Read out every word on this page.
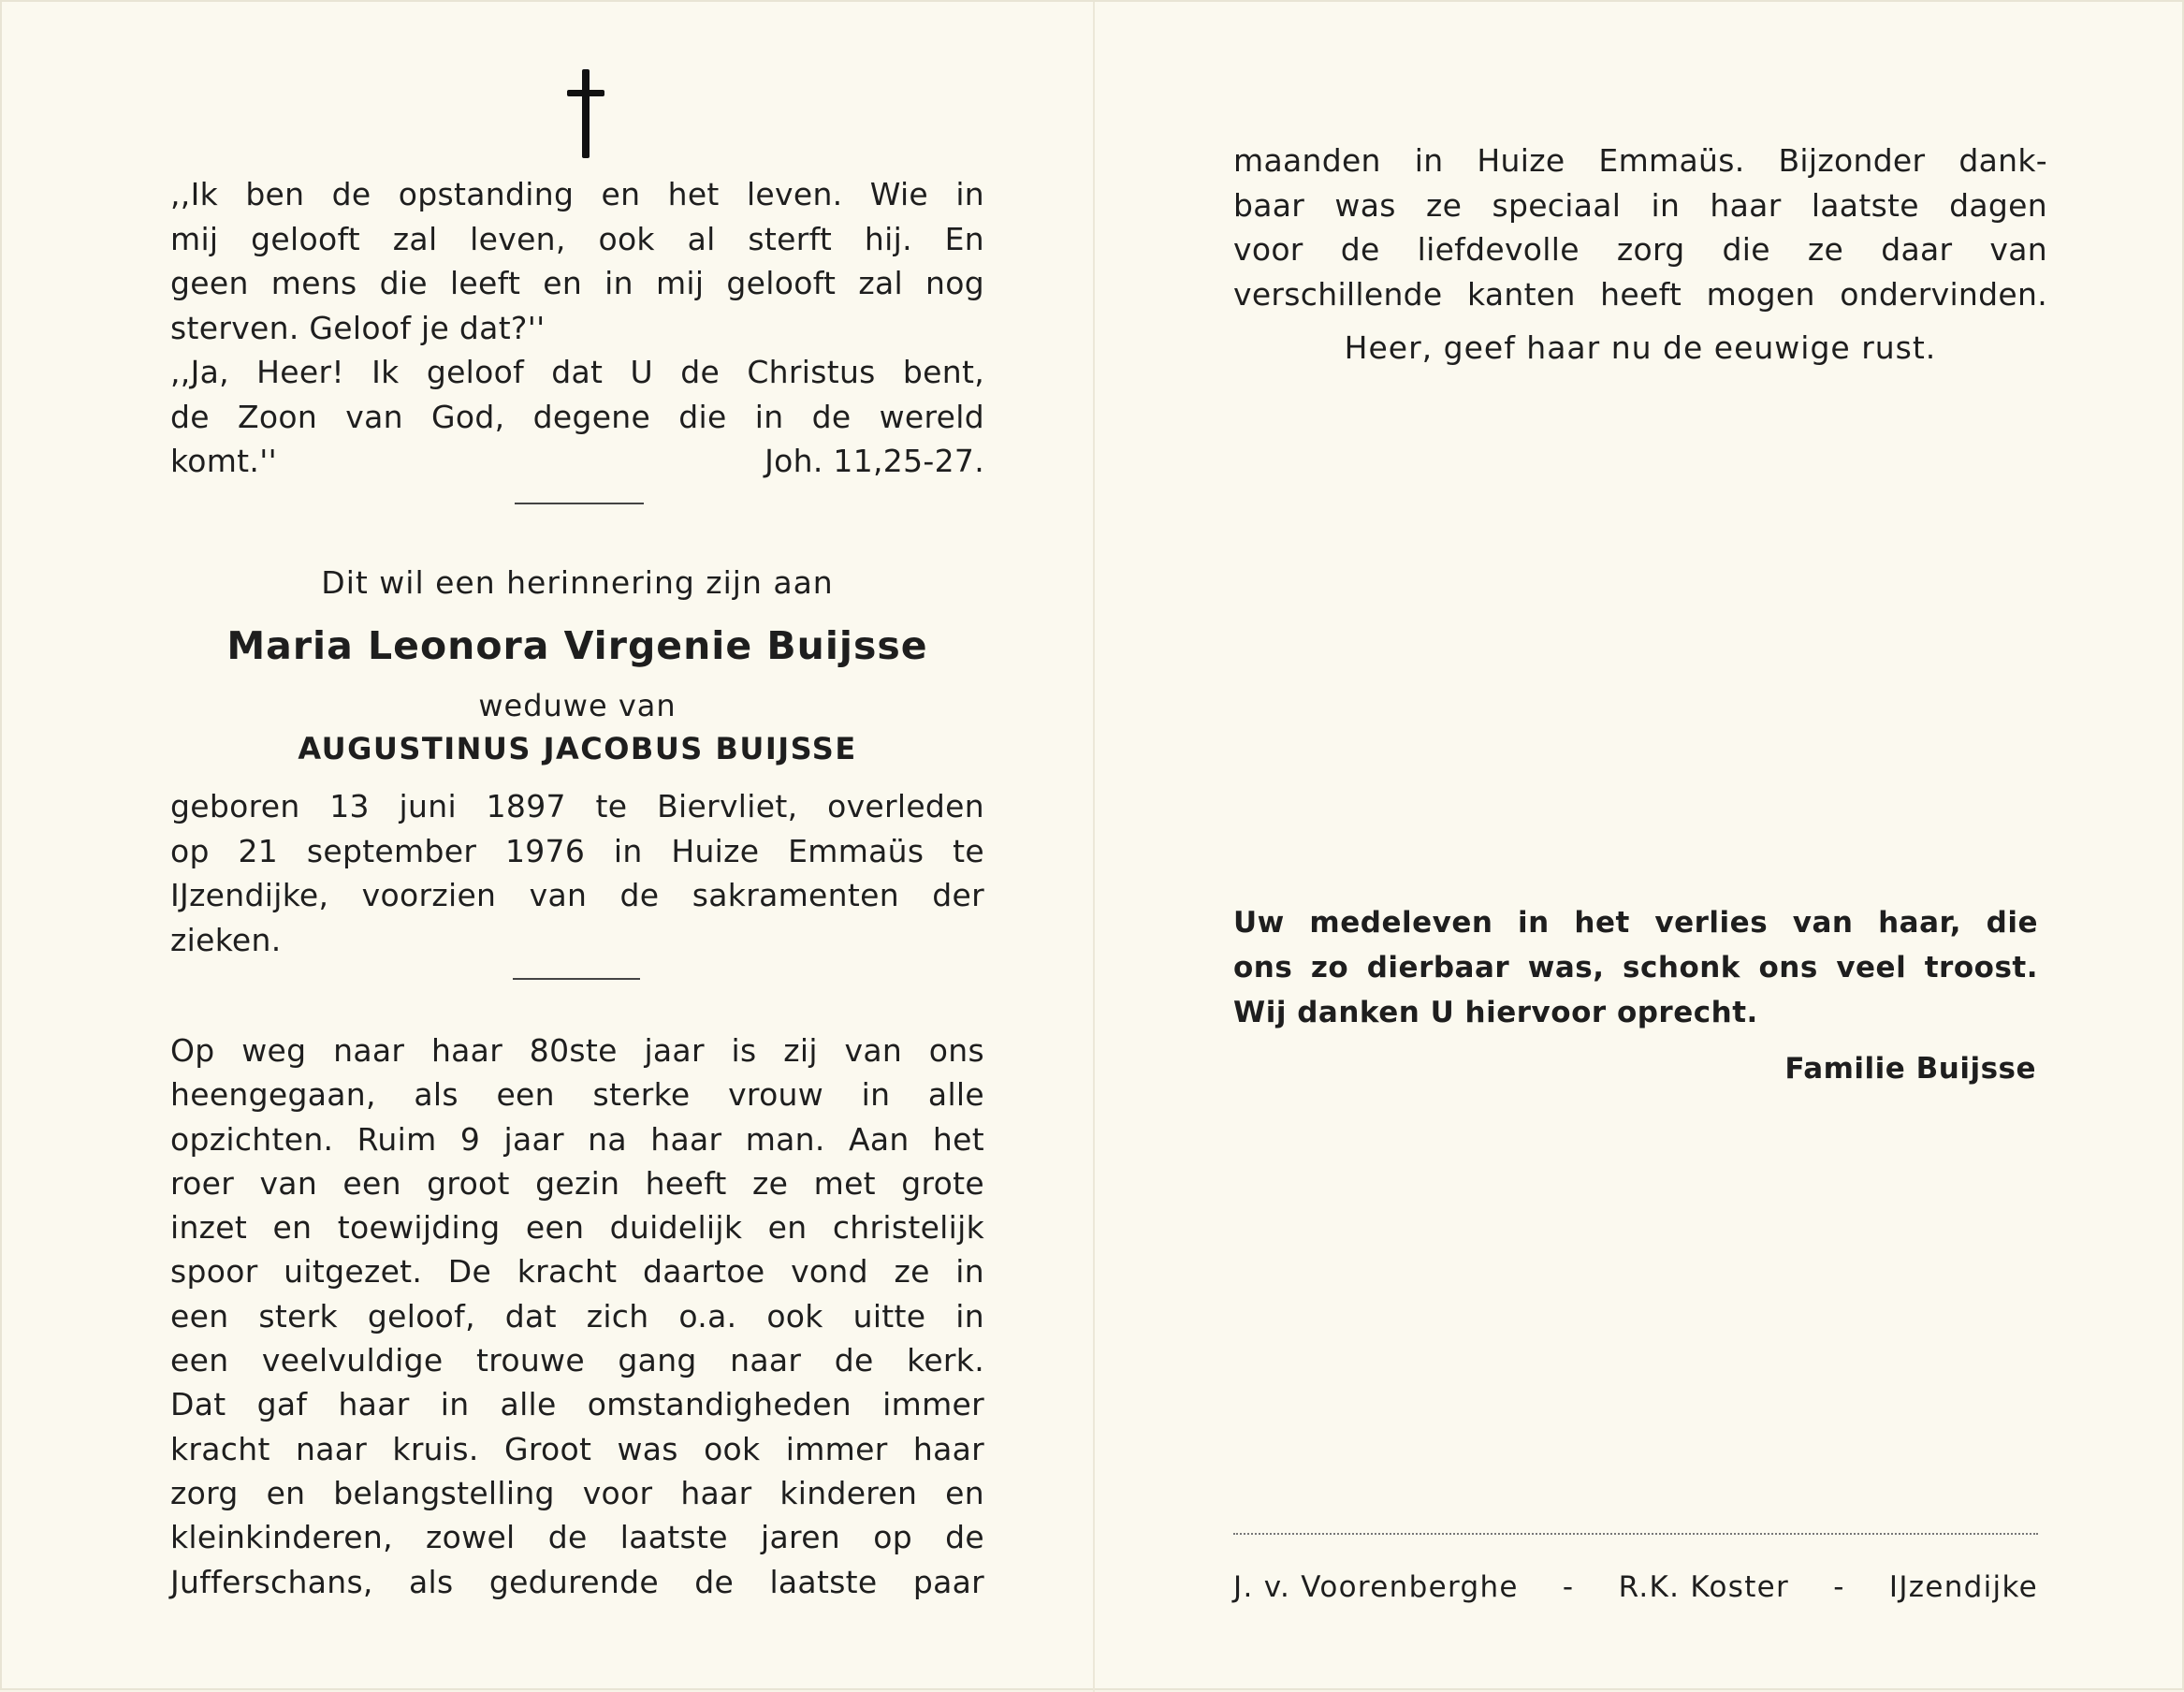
,,Ik ben de opstanding en het leven. Wie in
mij gelooft zal leven, ook al sterft hij. En
geen mens die leeft en in mij gelooft zal nog
sterven. Geloof je dat?''
,,Ja, Heer! Ik geloof dat U de Christus bent,
de Zoon van God, degene die in de wereld
komt.''	Joh. 11,25-27.
Dit wil een herinnering zijn aan
Maria Leonora Virgenie Buijsse
weduwe van
AUGUSTINUS JACOBUS BUIJSSE
geboren 13 juni 1897 te Biervliet, overleden
op 21 september 1976 in Huize Emmaüs te
IJzendijke, voorzien van de sakramenten der
zieken.
Op weg naar haar 80ste jaar is zij van ons
heengegaan, als een sterke vrouw in alle
opzichten. Ruim 9 jaar na haar man. Aan het
roer van een groot gezin heeft ze met grote
inzet en toewijding een duidelijk en christelijk
spoor uitgezet. De kracht daartoe vond ze in
een sterk geloof, dat zich o.a. ook uitte in
een veelvuldige trouwe gang naar de kerk.
Dat gaf haar in alle omstandigheden immer
kracht naar kruis. Groot was ook immer haar
zorg en belangstelling voor haar kinderen en
kleinkinderen, zowel de laatste jaren op de
Jufferschans, als gedurende de laatste paar
maanden in Huize Emmaüs. Bijzonder dank-
baar was ze speciaal in haar laatste dagen
voor de liefdevolle zorg die ze daar van
verschillende kanten heeft mogen ondervinden.
Heer, geef haar nu de eeuwige rust.
Uw medeleven in het verlies van haar, die
ons zo dierbaar was, schonk ons veel troost.
Wij danken U hiervoor oprecht.
Familie Buijsse
J. v. Voorenberghe - R.K. Koster - IJzendijke
